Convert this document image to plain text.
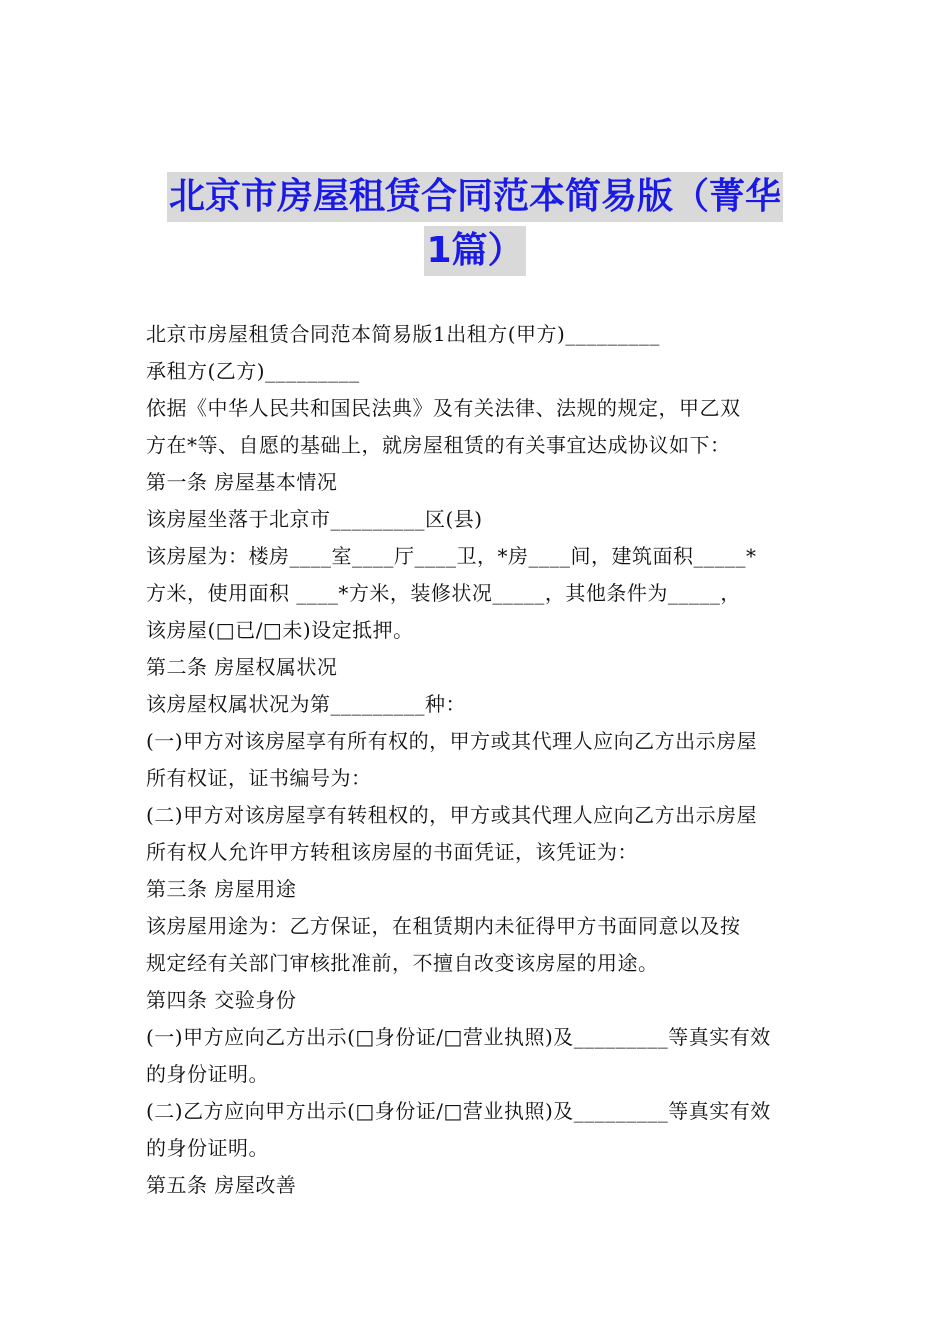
北京市房屋租赁合同范本简易版（菁华
1篇）
北京市房屋租赁合同范本简易版1出租方(甲方)_________
承租方(乙方)_________
依据《中华人民共和国民法典》及有关法律、法规的规定，甲乙双
方在*等、自愿的基础上，就房屋租赁的有关事宜达成协议如下：
第一条 房屋基本情况
该房屋坐落于北京市_________区(县)
该房屋为：楼房____室____厅____卫，*房____间，建筑面积_____*
方米，使用面积 ____*方米，装修状况_____，其他条件为_____，
该房屋(□已/□未)设定抵押。
第二条 房屋权属状况
该房屋权属状况为第_________种：
(一)甲方对该房屋享有所有权的，甲方或其代理人应向乙方出示房屋
所有权证，证书编号为：
(二)甲方对该房屋享有转租权的，甲方或其代理人应向乙方出示房屋
所有权人允许甲方转租该房屋的书面凭证，该凭证为：
第三条 房屋用途
该房屋用途为：乙方保证，在租赁期内未征得甲方书面同意以及按
规定经有关部门审核批准前，不擅自改变该房屋的用途。
第四条 交验身份
(一)甲方应向乙方出示(□身份证/□营业执照)及_________等真实有效
的身份证明。
(二)乙方应向甲方出示(□身份证/□营业执照)及_________等真实有效
的身份证明。
第五条 房屋改善
